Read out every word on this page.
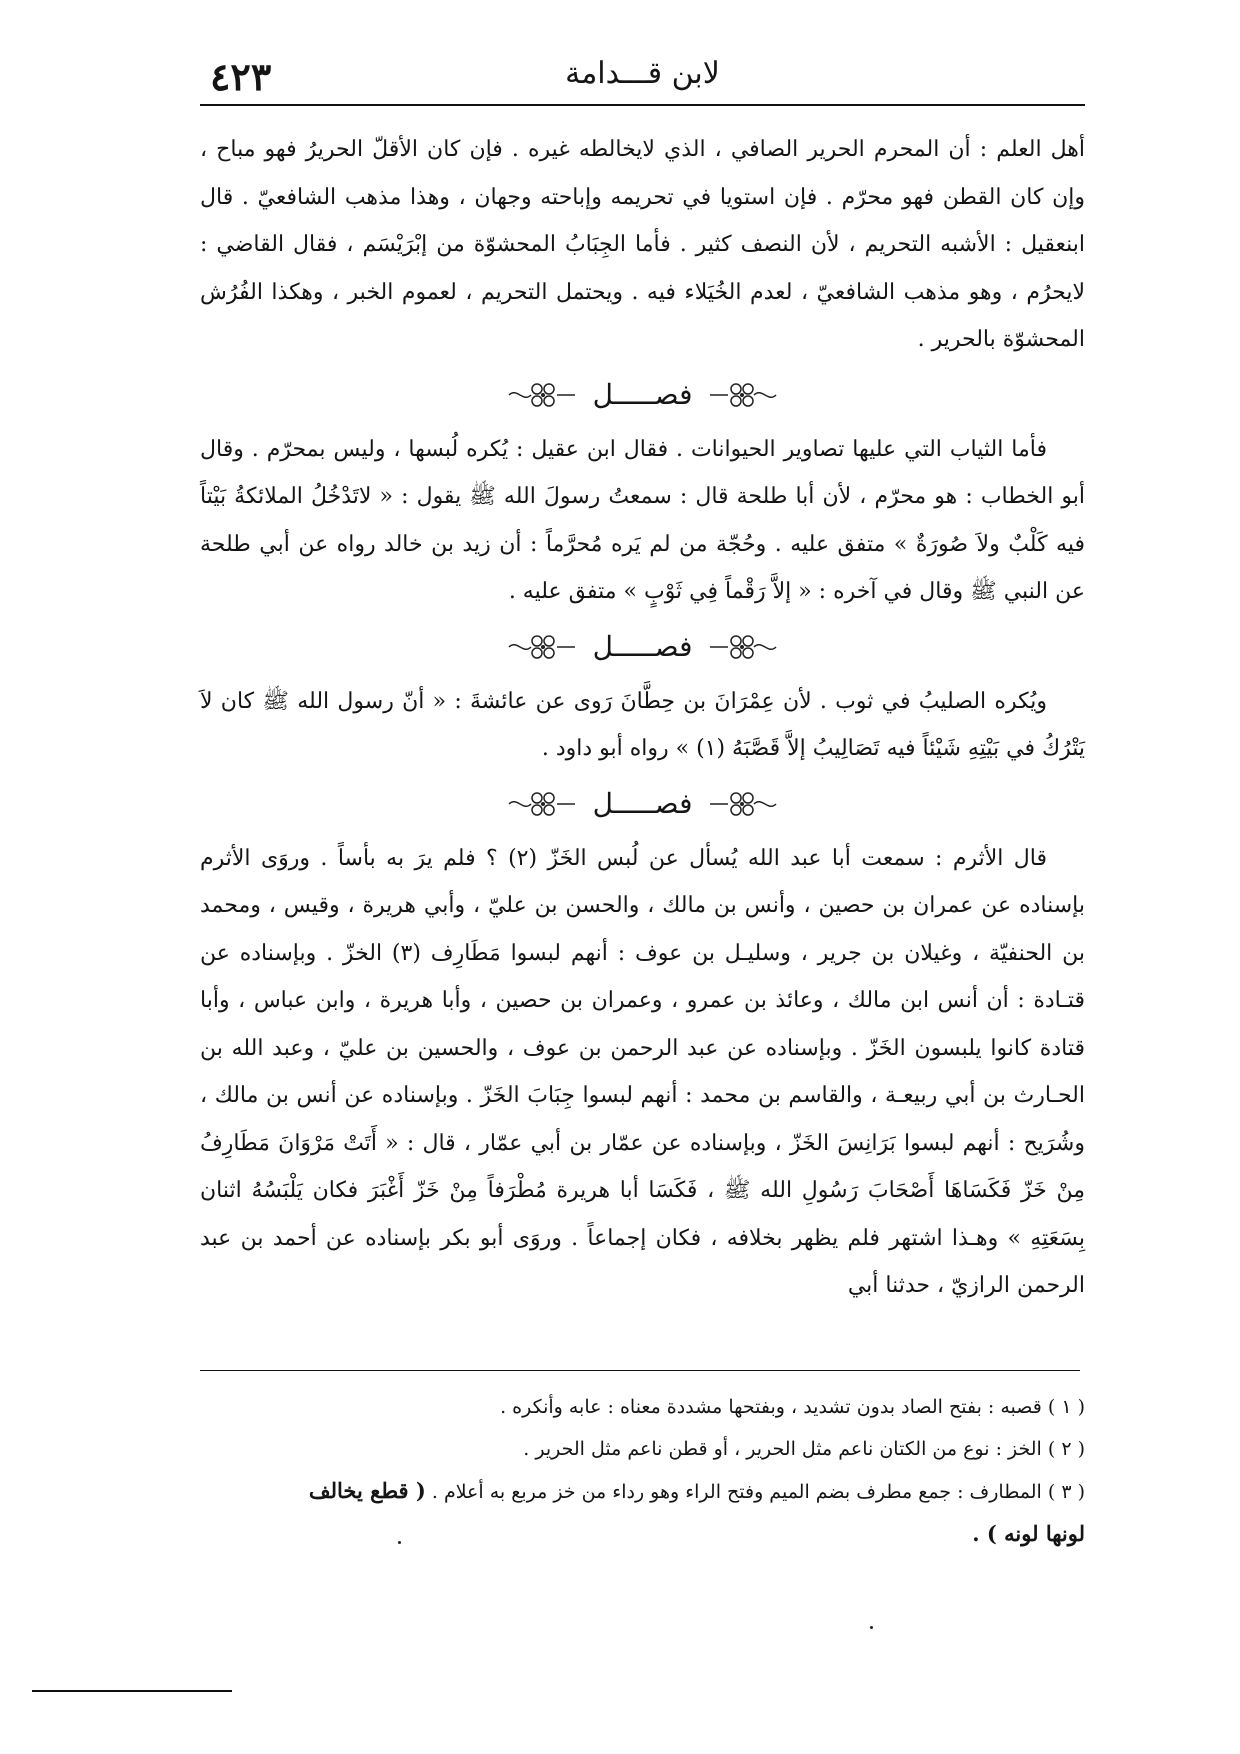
٤٢٣	لابن قـــدامة

أهل العلم : أن المحرم الحرير الصافي ، الذي لايخالطه غيره . فإن كان الأقلّ الحريرُ فهو مباح ، وإن كان القطن فهو محرّم . فإن استويا في تحريمه وإباحته وجهان ، وهذا مذهب الشافعيّ . قال ابنعقيل : الأشبه التحريم ، لأن النصف كثير . فأما الجِبَابُ المحشوّة من إبْرَيْسَم ، فقال القاضي : لايحرُم ، وهو مذهب الشافعيّ ، لعدم الخُيَلاء فيه . ويحتمل التحريم ، لعموم الخبر ، وهكذا الفُرُش المحشوّة بالحرير .

فصـــــل

فأما الثياب التي عليها تصاوير الحيوانات . فقال ابن عقيل : يُكره لُبسها ، وليس بمحرّم . وقال أبو الخطاب : هو محرّم ، لأن أبا طلحة قال : سمعتُ رسولَ الله ﷺ يقول : « لاتَدْخُلُ الملائكةُ بَيْتاً فيه كَلْبٌ ولاَ صُورَةٌ » متفق عليه . وحُجّة من لم يَره مُحرَّماً : أن زيد بن خالد رواه عن أبي طلحة عن النبي ﷺ وقال في آخره : « إلاَّ رَقْماً فِي ثَوْبٍ » متفق عليه .

فصـــــل

ويُكره الصليبُ في ثوب . لأن عِمْرَانَ بن حِطَّانَ رَوى عن عائشةَ : « أنّ رسول الله ﷺ كان لاَ يَتْرُكُ في بَيْتِهِ شَيْئاً فيه تَصَالِيبُ إلاَّ قَصَّبَهُ (١) » رواه أبو داود .

فصـــــل

قال الأثرم : سمعت أبا عبد الله يُسأل عن لُبس الخَزّ (٢) ؟ فلم يرَ به بأساً . وروَى الأثرم بإسناده عن عمران بن حصين ، وأنس بن مالك ، والحسن بن عليّ ، وأبي هريرة ، وقيس ، ومحمد بن الحنفيّة ، وغيلان بن جرير ، وسليـل بن عوف : أنهم لبسوا مَطَارِف (٣) الخزّ . وبإسناده عن قتـادة : أن أنس ابن مالك ، وعائذ بن عمرو ، وعمران بن حصين ، وأبا هريرة ، وابن عباس ، وأبا قتادة كانوا يلبسون الخَزّ . وبإسناده عن عبد الرحمن بن عوف ، والحسين بن عليّ ، وعبد الله بن الحـارث بن أبي ربيعـة ، والقاسم بن محمد : أنهم لبسوا جِبَابَ الخَزّ . وبإسناده عن أنس بن مالك ، وشُرَيح : أنهم لبسوا بَرَانِسَ الخَزّ ، وبإسناده عن عمّار بن أبي عمّار ، قال : « أَتَتْ مَرْوَانَ مَطَارِفُ مِنْ خَزّ فَكَسَاهَا أَصْحَابَ رَسُولِ الله ﷺ ، فَكَسَا أبا هريرة مُطْرَفاً مِنْ خَزّ أَغْبَرَ فكان يَلْبَسُهُ اثنان بِسَعَتِهِ » وهـذا اشتهر فلم يظهر بخلافه ، فكان إجماعاً . وروَى أبو بكر بإسناده عن أحمد بن عبد الرحمن الرازيّ ، حدثنا أبي

( ١ ) قصبه : بفتح الصاد بدون تشديد ، وبفتحها مشددة معناه : عابه وأنكره .

( ٢ ) الخز : نوع من الكتان ناعم مثل الحرير ، أو قطن ناعم مثل الحرير .

( ٣ ) المطارف : جمع مطرف بضم الميم وفتح الراء وهو رداء من خز مربع به أعلام . ( قطع يخالف

لونها لونه ) .
